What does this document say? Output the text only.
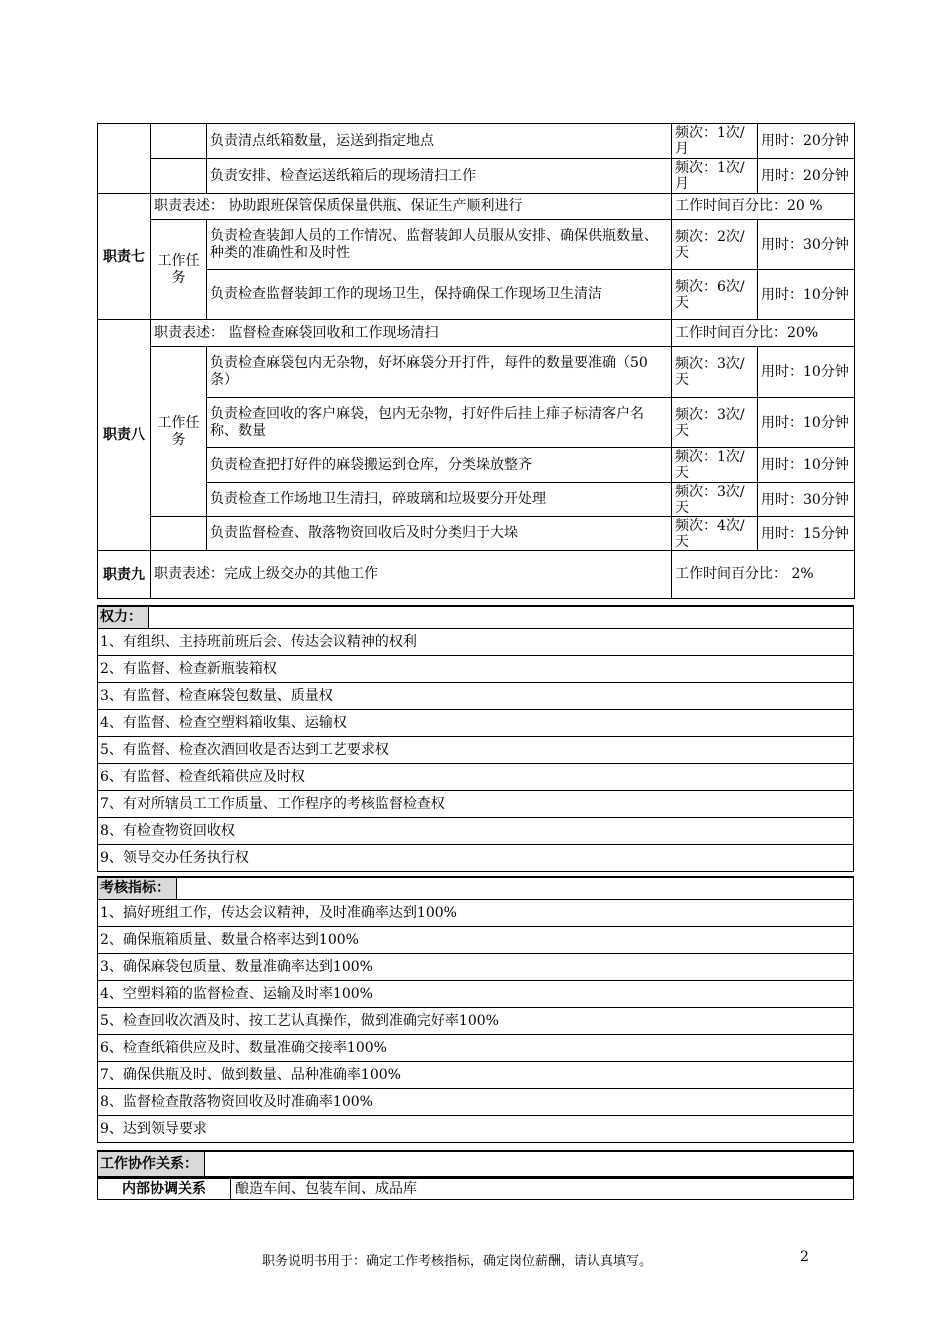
		负责清点纸箱数量，运送到指定地点	频次：1次/月	用时：20分钟
		负责安排、检查运送纸箱后的现场清扫工作	频次：1次/月	用时：20分钟
职责七	职责表述： 协助跟班保管保质保量供瓶、保证生产顺利进行		工作时间百分比：20 %	
	工作任务	负责检查装卸人员的工作情况、监督装卸人员服从安排、确保供瓶数量、种类的准确性和及时性	频次：2次/天	用时：30分钟
		负责检查监督装卸工作的现场卫生，保持确保工作现场卫生清洁	频次：6次/天	用时：10分钟
职责八	职责表述： 监督检查麻袋回收和工作现场清扫		工作时间百分比：20%	
	工作任务	负责检查麻袋包内无杂物，好坏麻袋分开打件，每件的数量要准确（50条）	频次：3次/天	用时：10分钟
		负责检查回收的客户麻袋，包内无杂物，打好件后挂上痱子标清客户名称、数量	频次：3次/天	用时：10分钟
		负责检查把打好件的麻袋搬运到仓库，分类垛放整齐	频次：1次/天	用时：10分钟
		负责检查工作场地卫生清扫，碎玻璃和垃圾要分开处理	频次：3次/天	用时：30分钟
		负责监督检查、散落物资回收后及时分类归于大垛	频次：4次/天	用时：15分钟
职责九	职责表述：完成上级交办的其他工作		工作时间百分比： 2%	
权力：
1、有组织、主持班前班后会、传达会议精神的权利
2、有监督、检查新瓶装箱权
3、有监督、检查麻袋包数量、质量权
4、有监督、检查空塑料箱收集、运输权
5、有监督、检查次酒回收是否达到工艺要求权
6、有监督、检查纸箱供应及时权
7、有对所辖员工工作质量、工作程序的考核监督检查权
8、有检查物资回收权
9、领导交办任务执行权
考核指标：
1、搞好班组工作，传达会议精神，及时准确率达到100%
2、确保瓶箱质量、数量合格率达到100%
3、确保麻袋包质量、数量准确率达到100%
4、空塑料箱的监督检查、运输及时率100%
5、检查回收次酒及时、按工艺认真操作，做到准确完好率100%
6、检查纸箱供应及时、数量准确交接率100%
7、确保供瓶及时、做到数量、品种准确率100%
8、监督检查散落物资回收及时准确率100%
9、达到领导要求
工作协作关系：
内部协调关系	酿造车间、包装车间、成品库
职务说明书用于：确定工作考核指标，确定岗位薪酬，请认真填写。	2
